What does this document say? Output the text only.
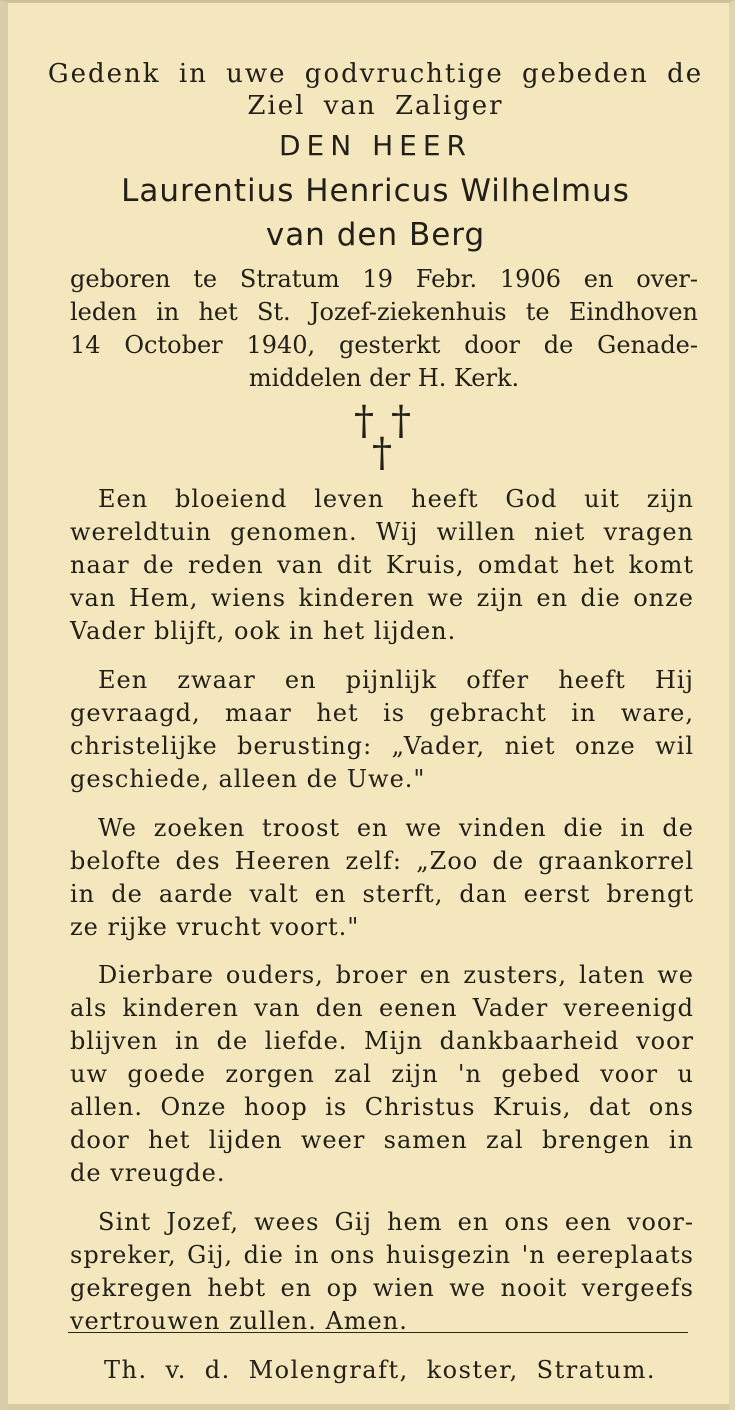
Gedenk in uwe godvruchtige gebeden de
Ziel van Zaliger
DEN HEER
Laurentius Henricus Wilhelmus
van den Berg
geboren te Stratum 19 Febr. 1906 en over-
leden in het St. Jozef-ziekenhuis te Eindhoven
14 October 1940, gesterkt door de Genade-
middelen der H. Kerk.
† †
†
Een bloeiend leven heeft God uit zijn
wereldtuin genomen. Wij willen niet vragen
naar de reden van dit Kruis, omdat het komt
van Hem, wiens kinderen we zijn en die onze
Vader blijft, ook in het lijden.
Een zwaar en pijnlijk offer heeft Hij
gevraagd, maar het is gebracht in ware,
christelijke berusting: „Vader, niet onze wil
geschiede, alleen de Uwe."
We zoeken troost en we vinden die in de
belofte des Heeren zelf: „Zoo de graankorrel
in de aarde valt en sterft, dan eerst brengt
ze rijke vrucht voort."
Dierbare ouders, broer en zusters, laten we
als kinderen van den eenen Vader vereenigd
blijven in de liefde. Mijn dankbaarheid voor
uw goede zorgen zal zijn 'n gebed voor u
allen. Onze hoop is Christus Kruis, dat ons
door het lijden weer samen zal brengen in
de vreugde.
Sint Jozef, wees Gij hem en ons een voor-
spreker, Gij, die in ons huisgezin 'n eereplaats
gekregen hebt en op wien we nooit vergeefs
vertrouwen zullen. Amen.
Th. v. d. Molengraft, koster, Stratum.
